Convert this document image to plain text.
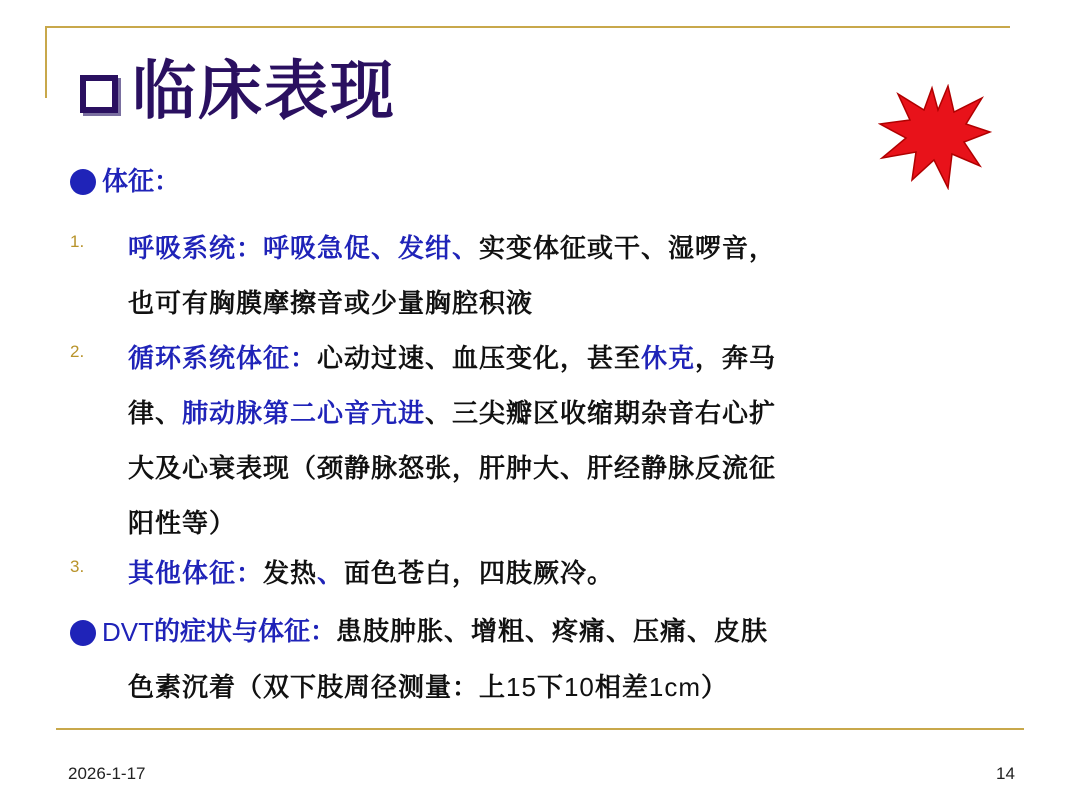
临床表现
体征：
1. 呼吸系统：呼吸急促、发绀、实变体征或干、湿啰音，
也可有胸膜摩擦音或少量胸腔积液
2. 循环系统体征：心动过速、血压变化，甚至休克，奔马
律、肺动脉第二心音亢进、三尖瓣区收缩期杂音右心扩
大及心衰表现（颈静脉怒张，肝肿大、肝经静脉反流征
阳性等）
3. 其他体征：发热、面色苍白，四肢厥冷。
DVT 的症状与体征： 患肢肿胀、增粗、疼痛、压痛、皮肤
色素沉着（双下肢周径测量：上15下10相差1cm）
2026-1-17	14
